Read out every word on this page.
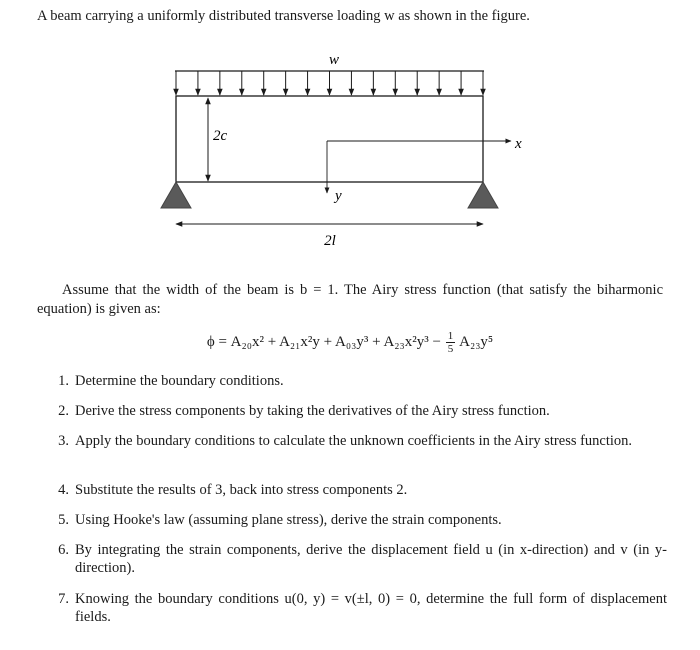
A beam carrying a uniformly distributed transverse loading w as shown in the figure.
w
2c	x
y
2l
Assume that the width of the beam is b = 1. The Airy stress function (that satisfy the biharmonic equation) is given as:
$\phi = A_{20}x^2 + A_{21}x^2y + A_{03}y^3 + A_{23}x^2y^3 - \frac{1}{5} A_{23}y^5$
1. Determine the boundary conditions.
2. Derive the stress components by taking the derivatives of the Airy stress function.
3. Apply the boundary conditions to calculate the unknown coefficients in the Airy stress function.
4. Substitute the results of 3, back into stress components 2.
5. Using Hooke's law (assuming plane stress), derive the strain components.
6. By integrating the strain components, derive the displacement field u (in x-direction) and v (in y-direction).
7. Knowing the boundary conditions u(0, y) = v(±l, 0) = 0, determine the full form of displacement fields.
